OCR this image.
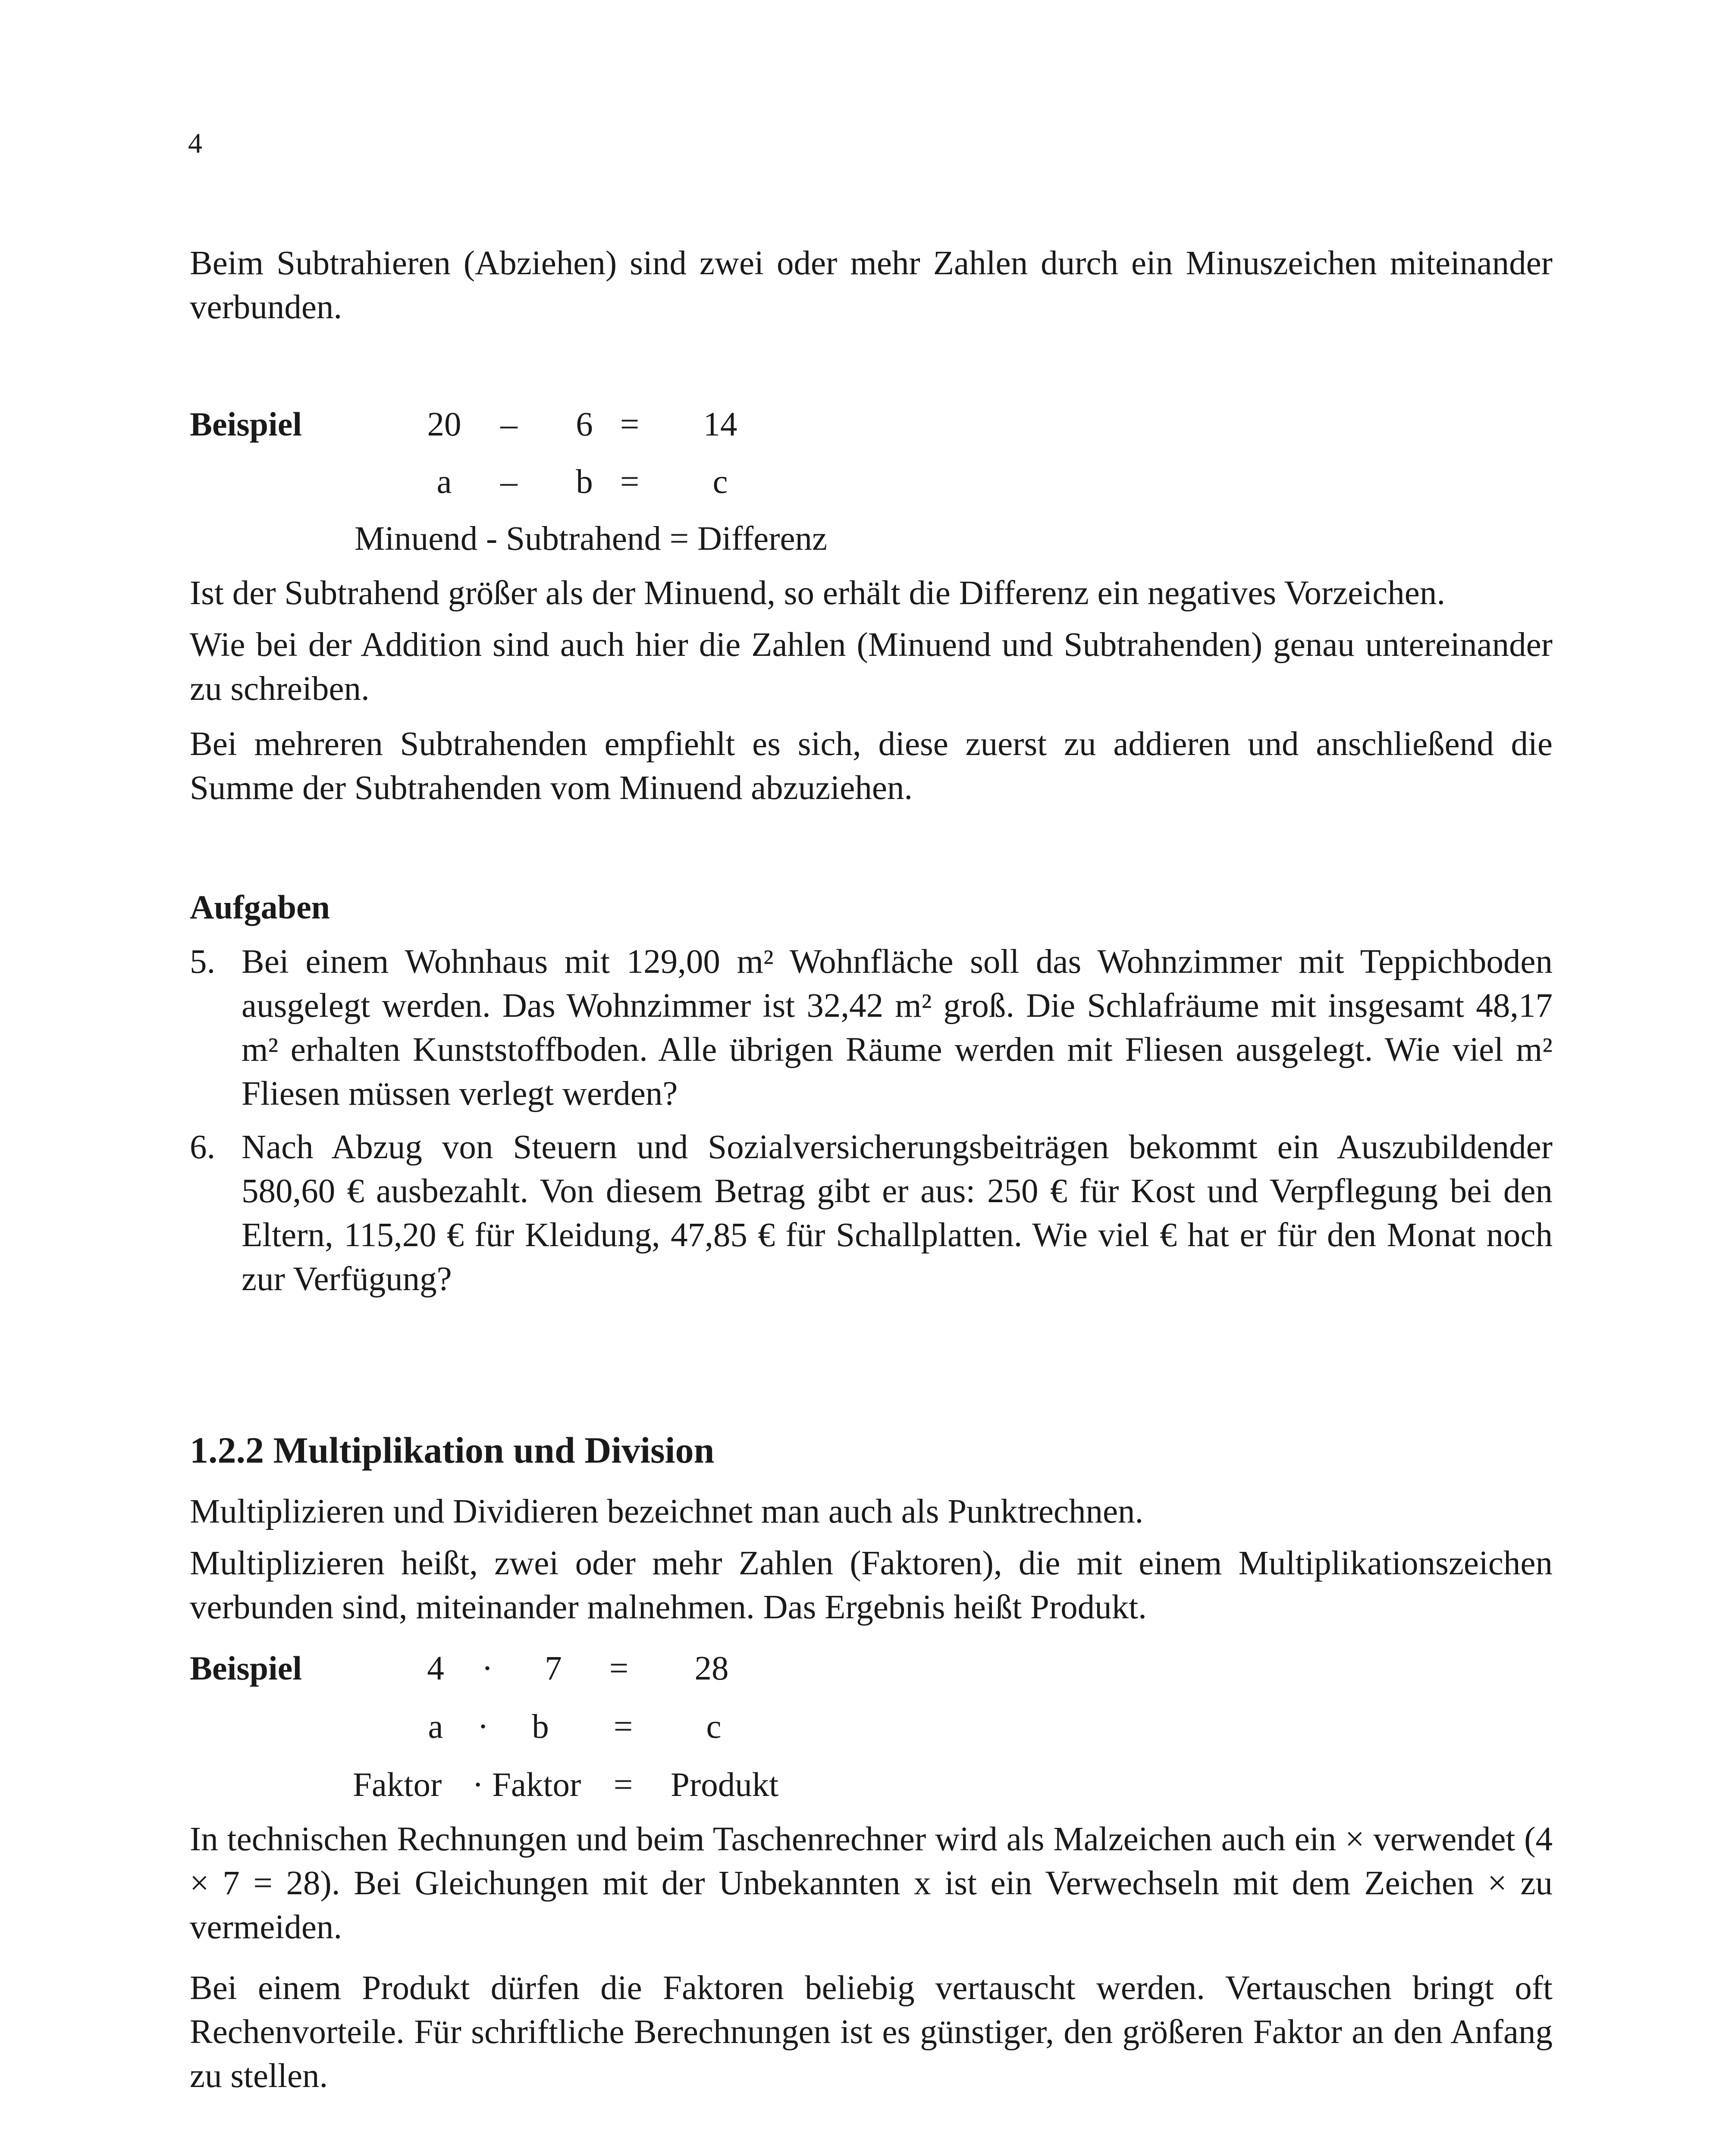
4

Beim Subtrahieren (Abziehen) sind zwei oder mehr Zahlen durch ein Minuszeichen miteinander verbunden.

Beispiel	20 – 6 = 14
a – b = c
Minuend - Subtrahend = Differenz

Ist der Subtrahend größer als der Minuend, so erhält die Differenz ein negatives Vorzeichen.

Wie bei der Addition sind auch hier die Zahlen (Minuend und Subtrahenden) genau untereinander zu schreiben.

Bei mehreren Subtrahenden empfiehlt es sich, diese zuerst zu addieren und anschließend die Summe der Subtrahenden vom Minuend abzuziehen.

Aufgaben
5. Bei einem Wohnhaus mit 129,00 m² Wohnfläche soll das Wohnzimmer mit Teppichboden ausgelegt werden. Das Wohnzimmer ist 32,42 m² groß. Die Schlafräume mit insgesamt 48,17 m² erhalten Kunststoffboden. Alle übrigen Räume werden mit Fliesen ausgelegt. Wie viel m² Fliesen müssen verlegt werden?

6. Nach Abzug von Steuern und Sozialversicherungsbeiträgen bekommt ein Auszubildender 580,60 € ausbezahlt. Von diesem Betrag gibt er aus: 250 € für Kost und Verpflegung bei den Eltern, 115,20 € für Kleidung, 47,85 € für Schallplatten. Wie viel € hat er für den Monat noch zur Verfügung?

1.2.2 Multiplikation und Division

Multiplizieren und Dividieren bezeichnet man auch als Punktrechnen.

Multiplizieren heißt, zwei oder mehr Zahlen (Faktoren), die mit einem Multiplikationszeichen verbunden sind, miteinander malnehmen. Das Ergebnis heißt Produkt.

Beispiel	4 · 7 = 28
a · b = c
Faktor · Faktor = Produkt

In technischen Rechnungen und beim Taschenrechner wird als Malzeichen auch ein × verwendet (4 × 7 = 28). Bei Gleichungen mit der Unbekannten x ist ein Verwechseln mit dem Zeichen × zu vermeiden.

Bei einem Produkt dürfen die Faktoren beliebig vertauscht werden. Vertauschen bringt oft Rechenvorteile. Für schriftliche Berechnungen ist es günstiger, den größeren Faktor an den Anfang zu stellen.
